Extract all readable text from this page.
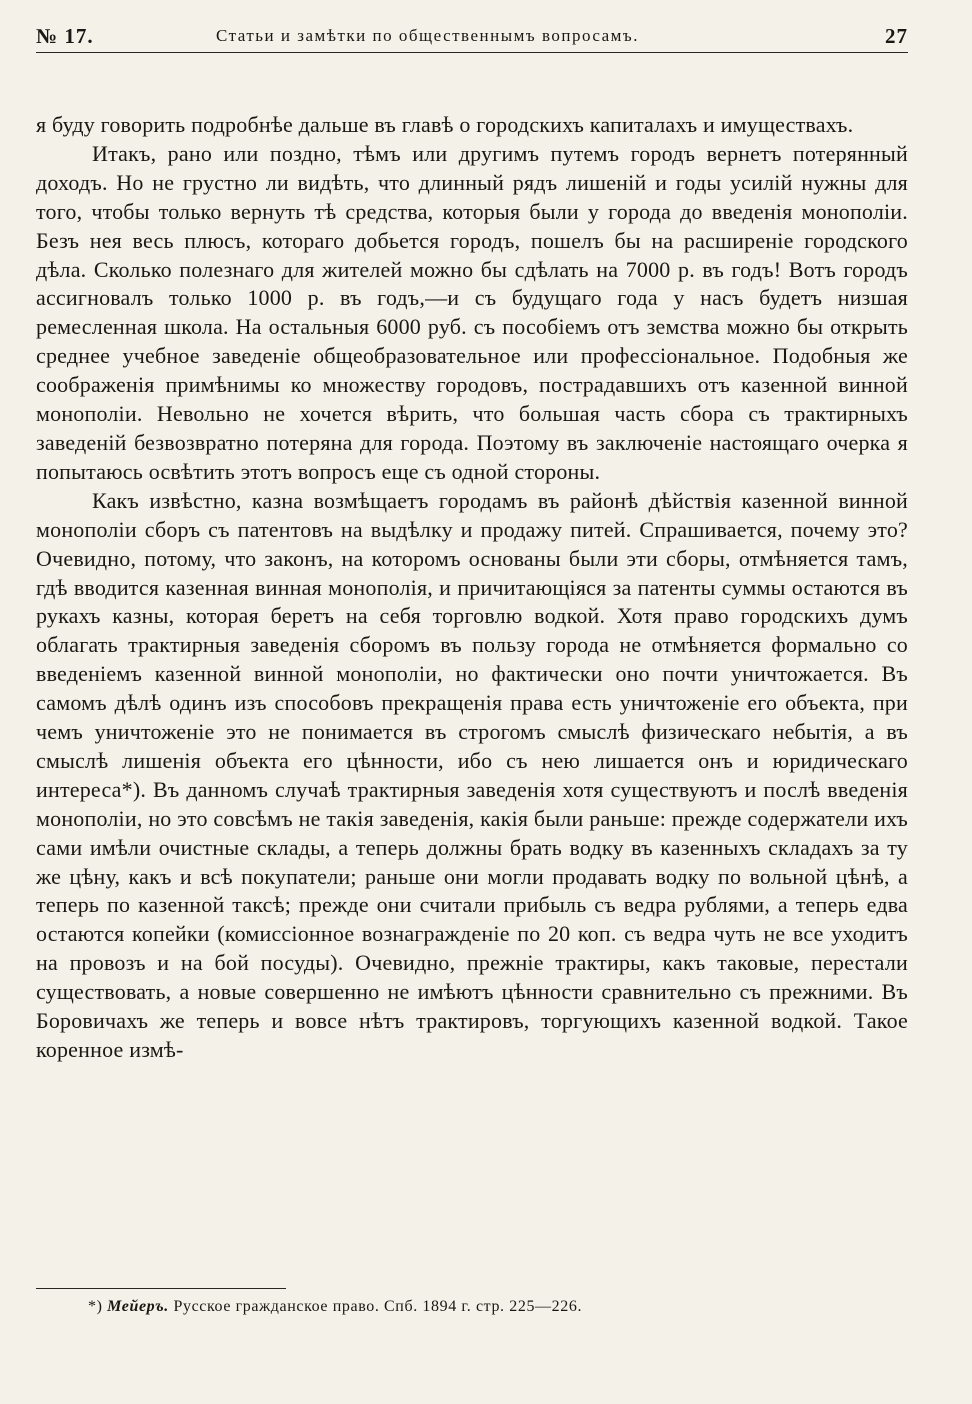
№ 17.	Статьи и замѣтки по общественнымъ вопросамъ.	27

я буду говорить подробнѣе дальше въ главѣ о городскихъ капиталахъ и имуществахъ.

Итакъ, рано или поздно, тѣмъ или другимъ путемъ городъ вернетъ потерянный доходъ. Но не грустно ли видѣть, что длинный рядъ лишеній и годы усилій нужны для того, чтобы только вернуть тѣ средства, которыя были у города до введенія монополіи. Безъ нея весь плюсъ, котораго добьется городъ, пошелъ бы на расширеніе городского дѣла. Сколько полезнаго для жителей можно бы сдѣлать на 7000 р. въ годъ! Вотъ городъ ассигновалъ только 1000 р. въ годъ,—и съ будущаго года у насъ будетъ низшая ремесленная школа. На остальныя 6000 руб. съ пособіемъ отъ земства можно бы открыть среднее учебное заведеніе общеобразовательное или профессіональное. Подобныя же соображенія примѣнимы ко множеству городовъ, пострадавшихъ отъ казенной винной монополіи. Невольно не хочется вѣрить, что большая часть сбора съ трактирныхъ заведеній безвозвратно потеряна для города. Поэтому въ заключеніе настоящаго очерка я попытаюсь освѣтить этотъ вопросъ еще съ одной стороны.

Какъ извѣстно, казна возмѣщаетъ городамъ въ районѣ дѣйствія казенной винной монополіи сборъ съ патентовъ на выдѣлку и продажу питей. Спрашивается, почему это? Очевидно, потому, что законъ, на которомъ основаны были эти сборы, отмѣняется тамъ, гдѣ вводится казенная винная монополія, и причитающіяся за патенты суммы остаются въ рукахъ казны, которая беретъ на себя торговлю водкой. Хотя право городскихъ думъ облагать трактирныя заведенія сборомъ въ пользу города не отмѣняется формально со введеніемъ казенной винной монополіи, но фактически оно почти уничтожается. Въ самомъ дѣлѣ одинъ изъ способовъ прекращенія права есть уничтоженіе его объекта, при чемъ уничтоженіе это не понимается въ строгомъ смыслѣ физическаго небытія, а въ смыслѣ лишенія объекта его цѣнности, ибо съ нею лишается онъ и юридическаго интереса*). Въ данномъ случаѣ трактирныя заведенія хотя существуютъ и послѣ введенія монополіи, но это совсѣмъ не такія заведенія, какія были раньше: прежде содержатели ихъ сами имѣли очистные склады, а теперь должны брать водку въ казенныхъ складахъ за ту же цѣну, какъ и всѣ покупатели; раньше они могли продавать водку по вольной цѣнѣ, а теперь по казенной таксѣ; прежде они считали прибыль съ ведра рублями, а теперь едва остаются копейки (комиссіонное вознагражденіе по 20 коп. съ ведра чуть не все уходитъ на провозъ и на бой посуды). Очевидно, прежніе трактиры, какъ таковые, перестали существовать, а новые совершенно не имѣютъ цѣнности сравнительно съ прежними. Въ Боровичахъ же теперь и вовсе нѣтъ трактировъ, торгующихъ казенной водкой. Такое коренное измѣ-

*) Мейеръ. Русское гражданское право. Спб. 1894 г. стр. 225—226.
